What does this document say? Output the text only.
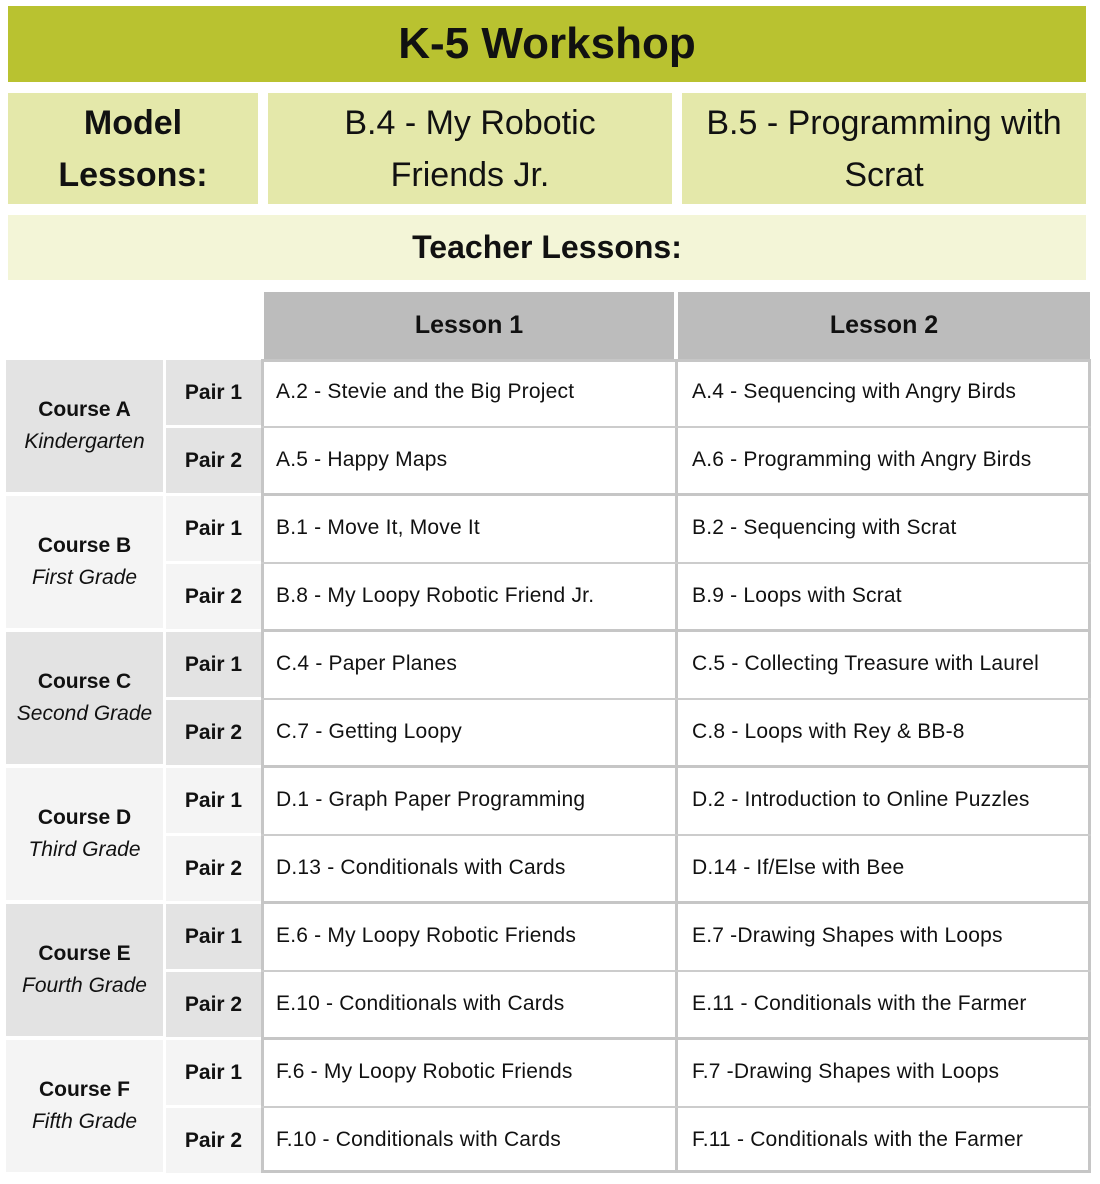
K-5 Workshop
Model Lessons:
B.4 - My Robotic Friends Jr.
B.5 - Programming with Scrat
Teacher Lessons:
Lesson 1	Lesson 2
Course A
Kindergarten
Pair 1	A.2 - Stevie and the Big Project	A.4 - Sequencing with Angry Birds
Pair 2	A.5 - Happy Maps	A.6 - Programming with Angry Birds
Course B
First Grade
Pair 1	B.1 - Move It, Move It	B.2 - Sequencing with Scrat
Pair 2	B.8 - My Loopy Robotic Friend Jr.	B.9 - Loops with Scrat
Course C
Second Grade
Pair 1	C.4 - Paper Planes	C.5 - Collecting Treasure with Laurel
Pair 2	C.7 - Getting Loopy	C.8 - Loops with Rey & BB-8
Course D
Third Grade
Pair 1	D.1 - Graph Paper Programming	D.2 - Introduction to Online Puzzles
Pair 2	D.13 - Conditionals with Cards	D.14 - If/Else with Bee
Course E
Fourth Grade
Pair 1	E.6 - My Loopy Robotic Friends	E.7 -Drawing Shapes with Loops
Pair 2	E.10 - Conditionals with Cards	E.11 - Conditionals with the Farmer
Course F
Fifth Grade
Pair 1	F.6 - My Loopy Robotic Friends	F.7 -Drawing Shapes with Loops
Pair 2	F.10 - Conditionals with Cards	F.11 - Conditionals with the Farmer
